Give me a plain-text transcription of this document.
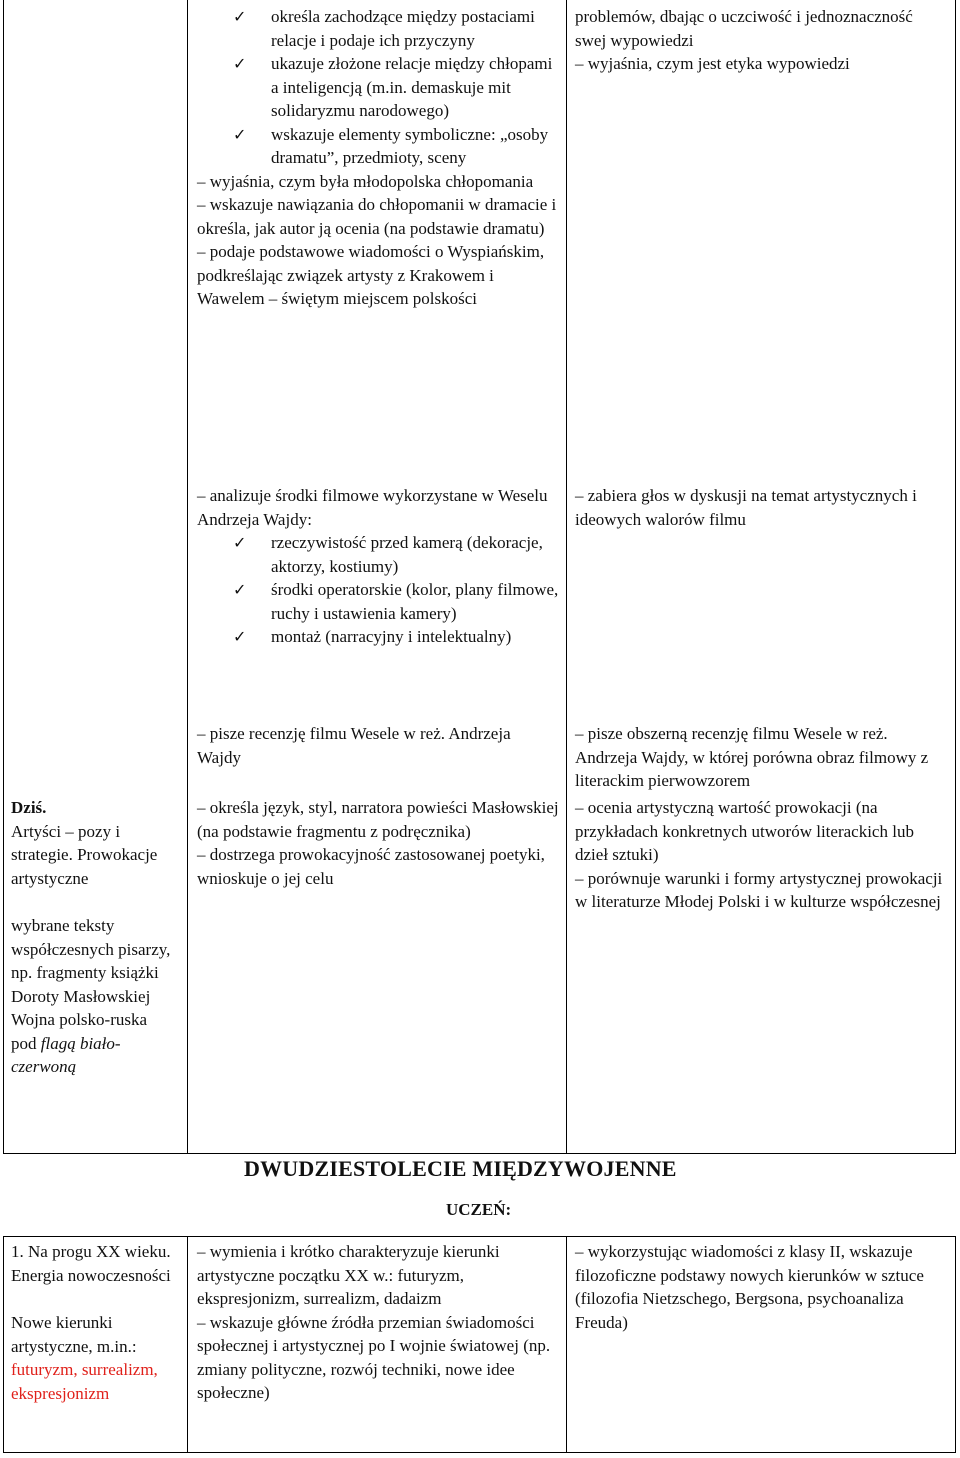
✓ określa zachodzące między postaciami relacje i podaje ich przyczyny
✓ ukazuje złożone relacje między chłopami a inteligencją (m.in. demaskuje mit solidaryzmu narodowego)
✓ wskazuje elementy symboliczne: „osoby dramatu”, przedmioty, sceny

– wyjaśnia, czym była młodopolska chłopomania

– wskazuje nawiązania do chłopomanii w dramacie i określa, jak autor ją ocenia (na podstawie dramatu)

– podaje podstawowe wiadomości o Wyspiańskim, podkreślając związek artysty z Krakowem i Wawelem – świętym miejscem polskości

problemów, dbając o uczciwość i jednoznaczność swej wypowiedzi

– wyjaśnia, czym jest etyka wypowiedzi

– analizuje środki filmowe wykorzystane w Weselu Andrzeja Wajdy:

✓ rzeczywistość przed kamerą (dekoracje, aktorzy, kostiumy)
✓ środki operatorskie (kolor, plany filmowe, ruchy i ustawienia kamery)
✓ montaż (narracyjny i intelektualny)

– zabiera głos w dyskusji na temat artystycznych i ideowych walorów filmu

– pisze recenzję filmu Wesele w reż. Andrzeja Wajdy

– pisze obszerną recenzję filmu Wesele w reż. Andrzeja Wajdy, w której porówna obraz filmowy z literackim pierwowzorem

Dziś.

Artyści – pozy i strategie. Prowokacje artystyczne

wybrane teksty współczesnych pisarzy, np. fragmenty książki Doroty Masłowskiej Wojna polsko-ruska pod flagą biało-czerwoną

– określa język, styl, narratora powieści Masłowskiej (na podstawie fragmentu z podręcznika)

– dostrzega prowokacyjność zastosowanej poetyki, wnioskuje o jej celu

– ocenia artystyczną wartość prowokacji (na przykładach konkretnych utworów literackich lub dzieł sztuki)

– porównuje warunki i formy artystycznej prowokacji w literaturze Młodej Polski i w kulturze współczesnej

DWUDZIESTOLECIE MIĘDZYWOJENNE
UCZEŃ:

1. Na progu XX wieku. Energia nowoczesności

Nowe kierunki artystyczne, m.in.:

futuryzm, surrealizm, ekspresjonizm

– wymienia i krótko charakteryzuje kierunki artystyczne początku XX w.: futuryzm, ekspresjonizm, surrealizm, dadaizm

– wskazuje główne źródła przemian świadomości społecznej i artystycznej po I wojnie światowej (np. zmiany polityczne, rozwój techniki, nowe idee społeczne)

– wykorzystując wiadomości z klasy II, wskazuje filozoficzne podstawy nowych kierunków w sztuce (filozofia Nietzschego, Bergsona, psychoanaliza Freuda)
